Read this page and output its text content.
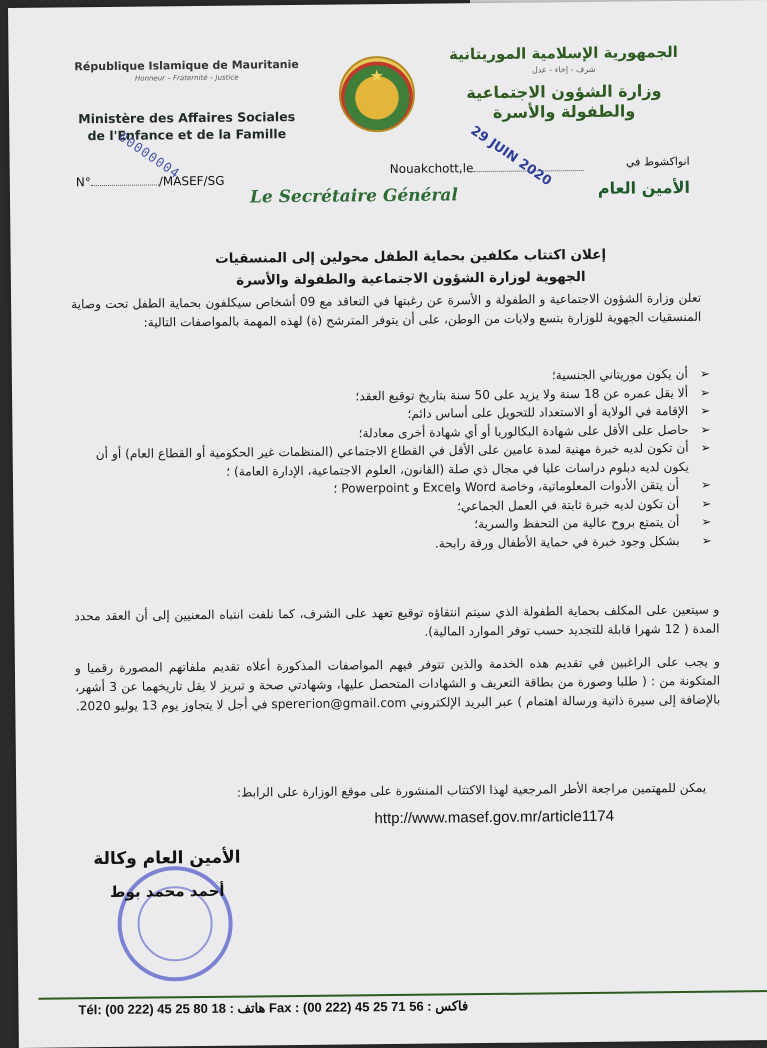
République Islamique de Mauritanie
Honneur – Fraternité – Justice
Ministère des Affaires Sociales
de l'Enfance et de la Famille
★
الجمهورية الإسلامية الموريتانية
شرف - إخاء - عدل
وزارة الشؤون الاجتماعية
والطفولة والأسرة
00000004
N°	/MASEF/SG
Nouakchott,le
29 JUIN 2020	انواكشوط في
Le Secrétaire Général	الأمين العام
إعلان اكتتاب مكلفين بحماية الطفل محولين إلى المنسقيات
الجهوية لوزارة الشؤون الاجتماعية والطفولة والأسرة
تعلن وزارة الشؤون الاجتماعية و الطفولة و الأسرة عن رغبتها في التعاقد مع 09 أشخاص سيكلفون بحماية الطفل تحت وصاية المنسقيات الجهوية للوزارة بتسع ولايات من الوطن، على أن يتوفر المترشح (ة) لهذه المهمة بالمواصفات التالية:
➢
أن يكون موريتاني الجنسية؛
➢
ألا يقل عمره عن 18 سنة ولا يزيد على 50 سنة بتاريخ توقيع العقد؛
➢
الإقامة في الولاية أو الاستعداد للتحويل على أساس دائم؛
➢
حاصل على الأقل على شهادة البكالوريا أو أي شهادة أخرى معادلة؛
➢
أن تكون لديه خبرة مهنية لمدة عامين على الأقل في القطاع الاجتماعي (المنظمات غير الحكومية أو القطاع العام) أو أن يكون لديه دبلوم دراسات عليا في مجال ذي صلة (القانون، العلوم الاجتماعية، الإدارة العامة) ؛
➢
أن يتقن الأدوات المعلوماتية، وخاصة Word وExcel و Powerpoint ؛
➢
أن تكون لديه خبرة ثابتة في العمل الجماعي؛
➢
أن يتمتع بروح عالية من التحفظ والسرية؛
➢
بشكل وجود خبرة في حماية الأطفال ورقة رابحة.
و سيتعين على المكلف بحماية الطفولة الذي سيتم انتقاؤه توقيع تعهد على الشرف، كما نلفت انتباه المعنيين إلى أن العقد محدد المدة ( 12 شهرا قابلة للتجديد حسب توفر الموارد المالية).
و يجب على الراغبين في تقديم هذه الخدمة والذين تتوفر فيهم المواصفات المذكورة أعلاه تقديم ملفاتهم المصورة رقميا و المتكونة من : ( طلبا وصورة من بطاقة التعريف و الشهادات المتحصل عليها، وشهادتي صحة و تبريز لا يقل تاريخهما عن 3 أشهر، بالإضافة إلى سيرة ذاتية ورسالة اهتمام ) عبر البريد الإلكتروني sperегion@gmail.com في أجل لا يتجاوز يوم 13 يوليو 2020.
يمكن للمهتمين مراجعة الأطر المرجعية لهذا الاكتتاب المنشورة على موقع الوزارة على الرابط:
http://www.masef.gov.mr/article1174
الأمين العام وكالة
أحمد محمد بوط
Tél: (00 222) 45 25 80 18 : هاتف Fax : (00 222) 45 25 71 56 : فاكس
